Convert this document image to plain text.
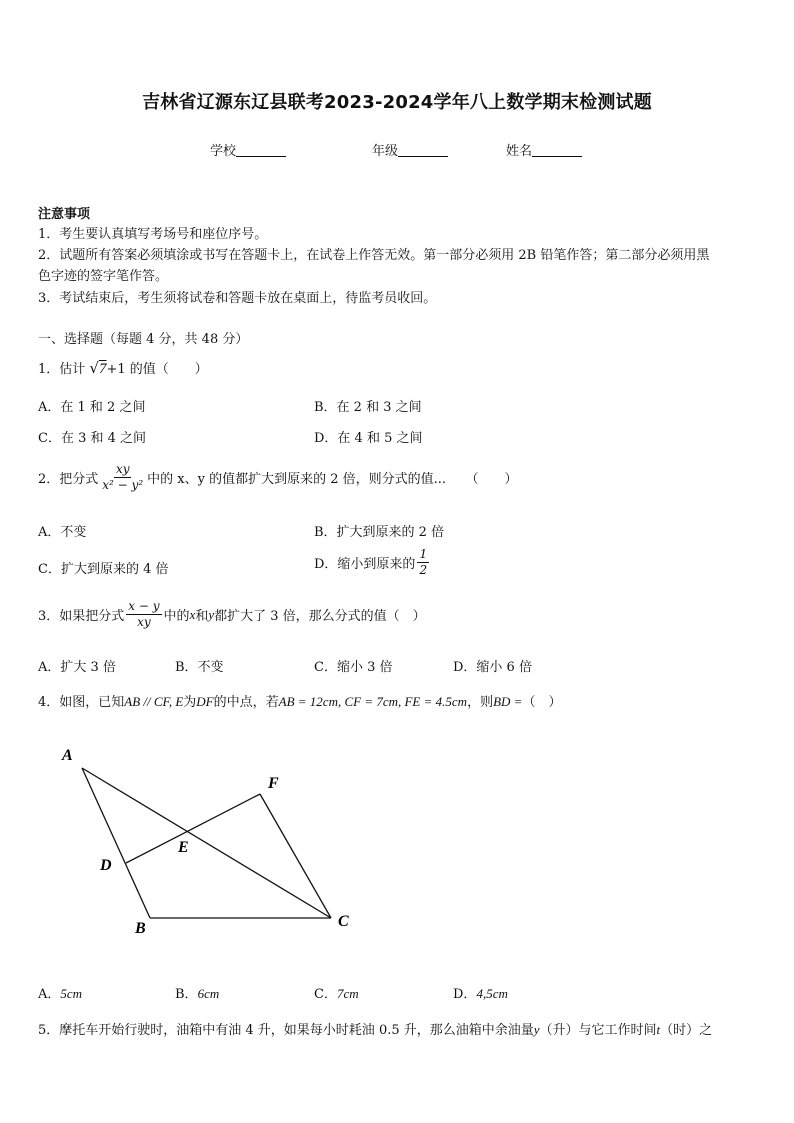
吉林省辽源东辽县联考2023-2024学年八上数学期末检测试题
学校	年级	姓名
注意事项
1．考生要认真填写考场号和座位序号。
2．试题所有答案必须填涂或书写在答题卡上，在试卷上作答无效。第一部分必须用 2B 铅笔作答；第二部分必须用黑
色字迹的签字笔作答。
3．考试结束后，考生须将试卷和答题卡放在桌面上，待监考员收回。
一、选择题（每题 4 分，共 48 分）
1．估计 √7+1 的值（　　）
A．在 1 和 2 之间	B．在 2 和 3 之间
C．在 3 和 4 之间	D．在 4 和 5 之间
2．把分式 $\frac{xy}{\text{x² − y²}}$ 中的 x、y 的值都扩大到原来的 2 倍，则分式的值...　　（　　）
A．不变	B．扩大到原来的 2 倍
C．扩大到原来的 4 倍	D．缩小到原来的 $\frac{1}{2}$
3．如果把分式 $\frac{x - y}{xy}$ 中的 x 和 y 都扩大了 3 倍，那么分式的值（　）
A．扩大 3 倍	B．不变	C．缩小 3 倍	D．缩小 6 倍
4．如图，已知AB // CF, E为DF的中点，若AB = 12cm, CF = 7cm, FE = 4.5cm，则BD =（　）
A
F
E
D
B	C
A．5cm	B．6cm	C．7cm	D．4,5cm
5．摩托车开始行驶时，油箱中有油 4 升，如果每小时耗油 0.5 升，那么油箱中余油量y（升）与它工作时间t（时）之
